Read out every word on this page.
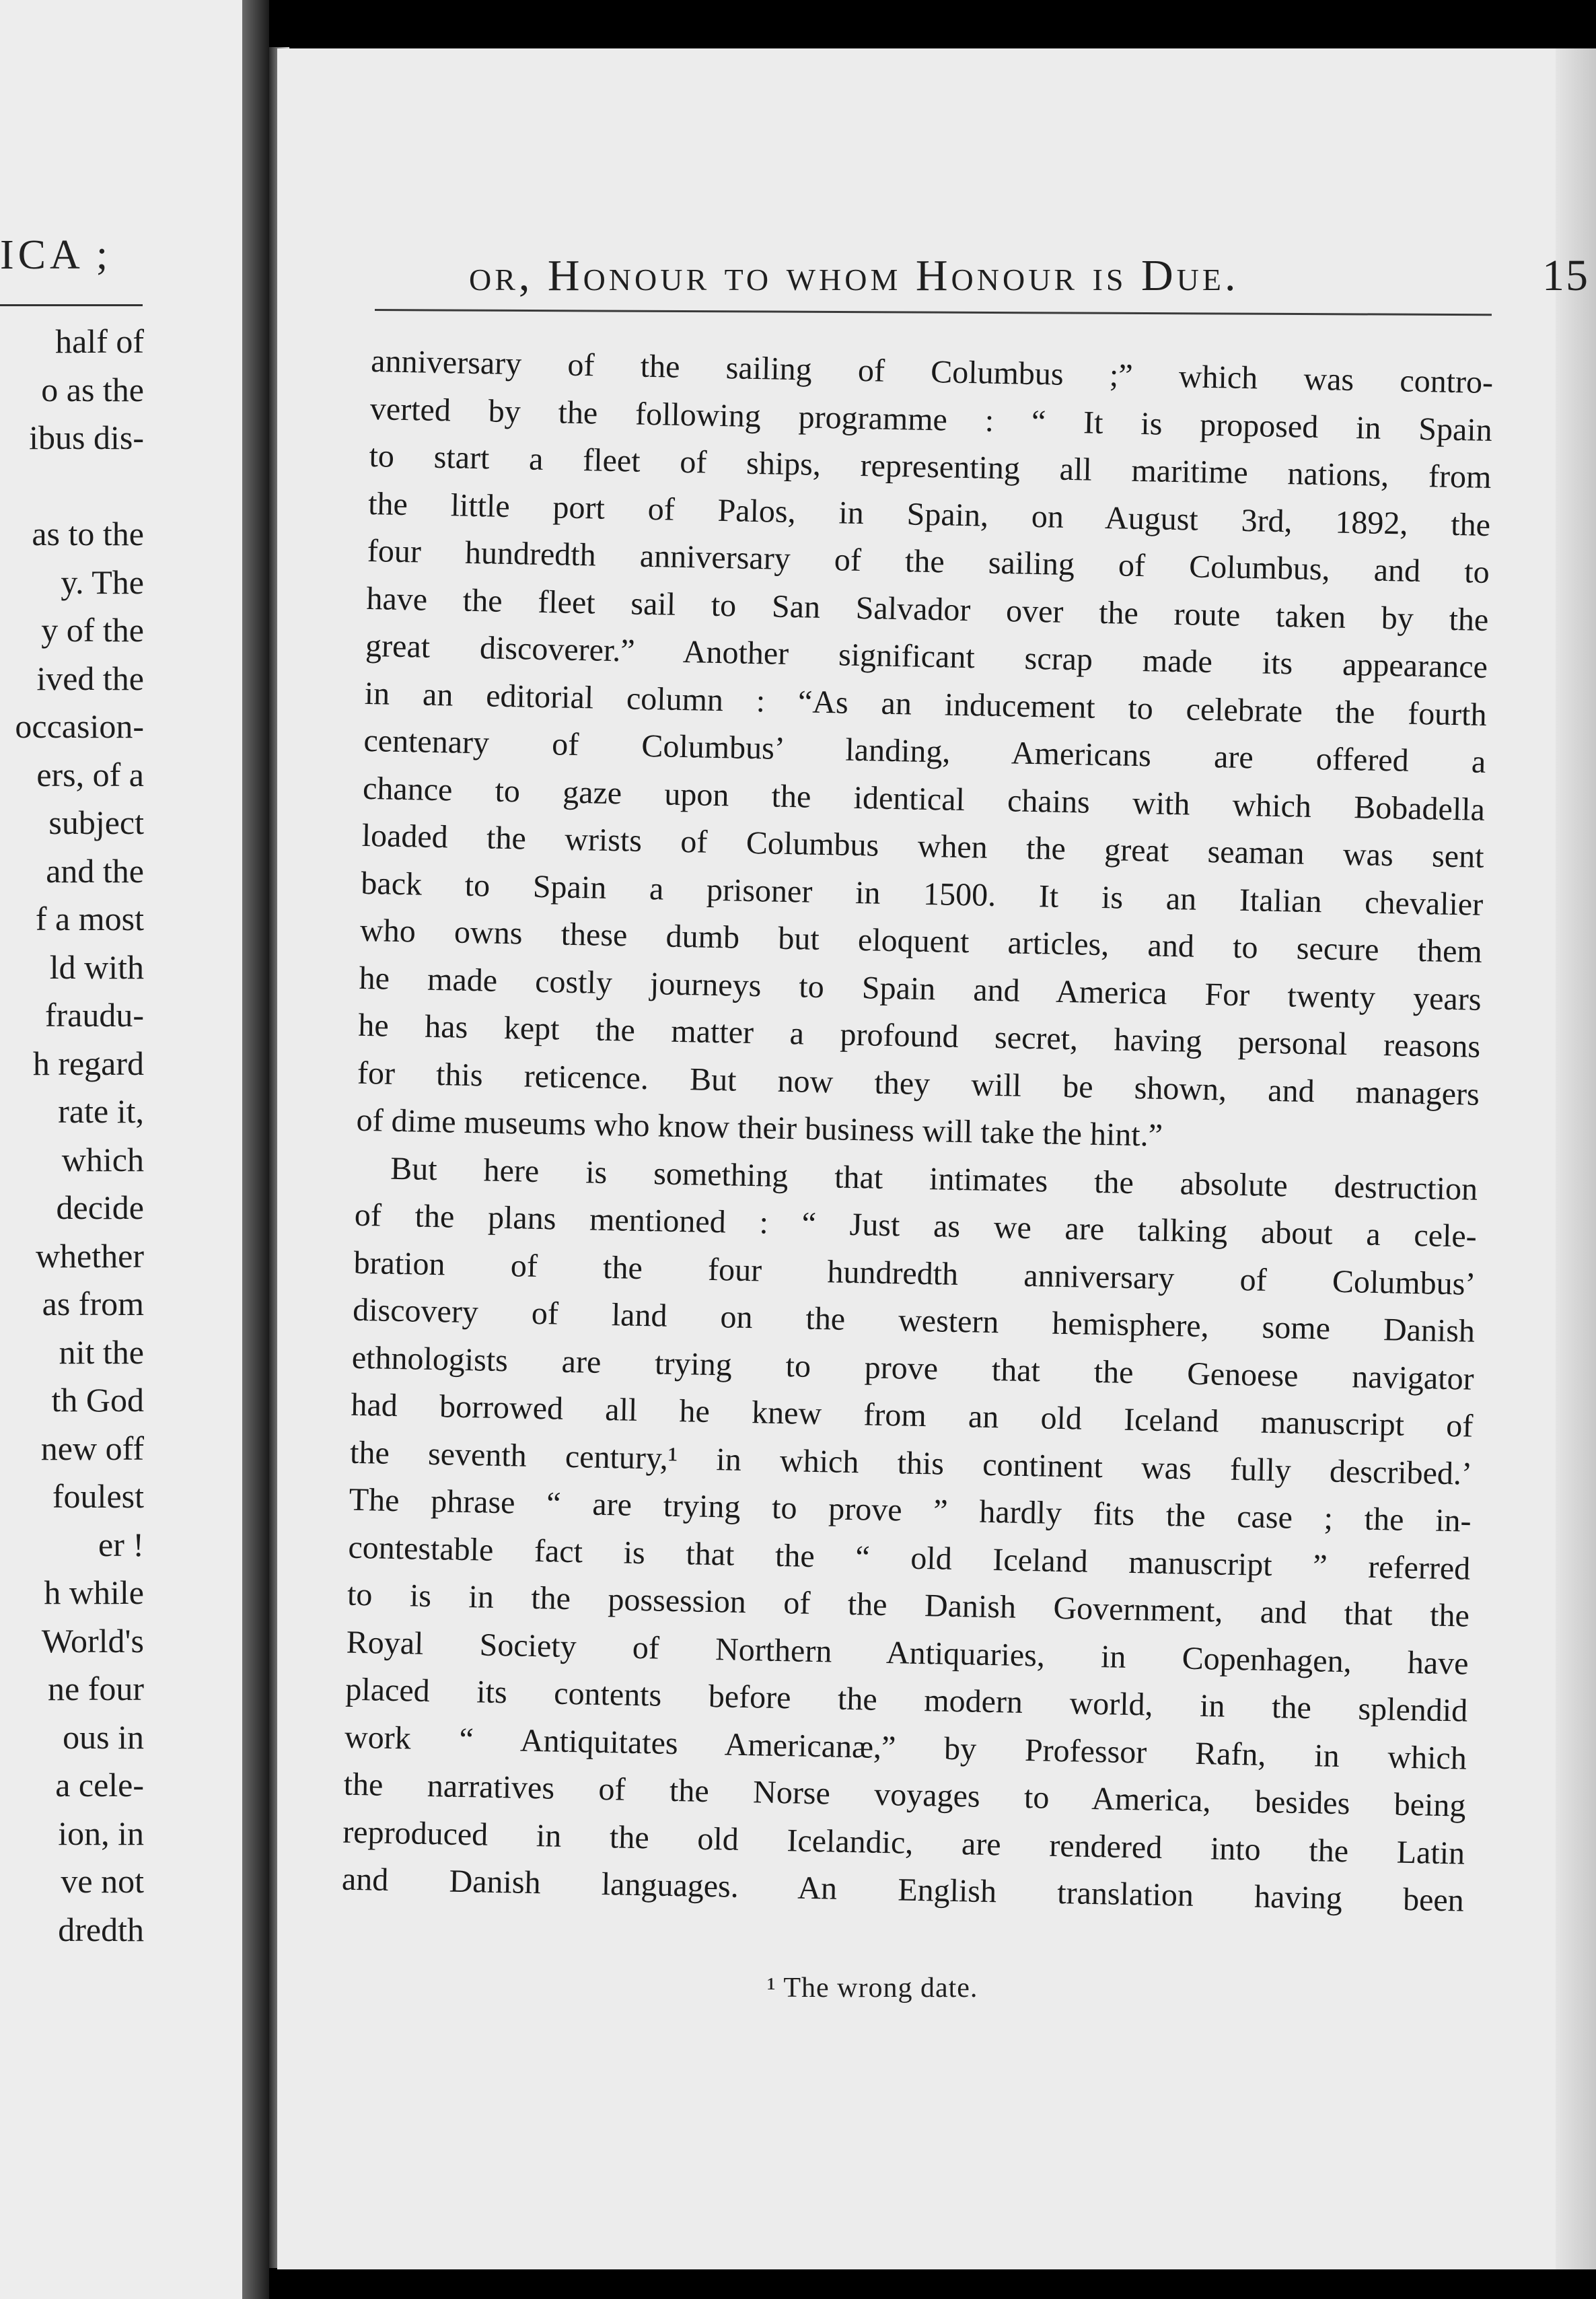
ICA ;
half of
o as the
ibus dis-
as to the
y. The
y of the
ived the
occasion-
ers, of a
subject
and the
f a most
ld with
fraudu-
h regard
rate it,
which
decide
whether
as from
nit the
th God
new off
foulest
er !
h while
World's
ne four
ous in
a cele-
ion, in
ve not
dredth
or, Honour to whom Honour is Due.	15
anniversary of the sailing of Columbus ;” which was contro-
verted by the following programme : “ It is proposed in Spain
to start a fleet of ships, representing all maritime nations, from
the little port of Palos, in Spain, on August 3rd, 1892, the
four hundredth anniversary of the sailing of Columbus, and to
have the fleet sail to San Salvador over the route taken by the
great discoverer.” Another significant scrap made its appearance
in an editorial column : “As an inducement to celebrate the fourth
centenary of Columbus’ landing, Americans are offered a
chance to gaze upon the identical chains with which Bobadella
loaded the wrists of Columbus when the great seaman was sent
back to Spain a prisoner in 1500. It is an Italian chevalier
who owns these dumb but eloquent articles, and to secure them
he made costly journeys to Spain and America For twenty years
he has kept the matter a profound secret, having personal reasons
for this reticence. But now they will be shown, and managers
of dime museums who know their business will take the hint.”
But here is something that intimates the absolute destruction
of the plans mentioned : “ Just as we are talking about a cele-
bration of the four hundredth anniversary of Columbus’
discovery of land on the western hemisphere, some Danish
ethnologists are trying to prove that the Genoese navigator
had borrowed all he knew from an old Iceland manuscript of
the seventh century,¹ in which this continent was fully described.’
The phrase “ are trying to prove ” hardly fits the case ; the in-
contestable fact is that the “ old Iceland manuscript ” referred
to is in the possession of the Danish Government, and that the
Royal Society of Northern Antiquaries, in Copenhagen, have
placed its contents before the modern world, in the splendid
work “ Antiquitates Americanæ,” by Professor Rafn, in which
the narratives of the Norse voyages to America, besides being
reproduced in the old Icelandic, are rendered into the Latin
and Danish languages. An English translation having been
¹ The wrong date.
